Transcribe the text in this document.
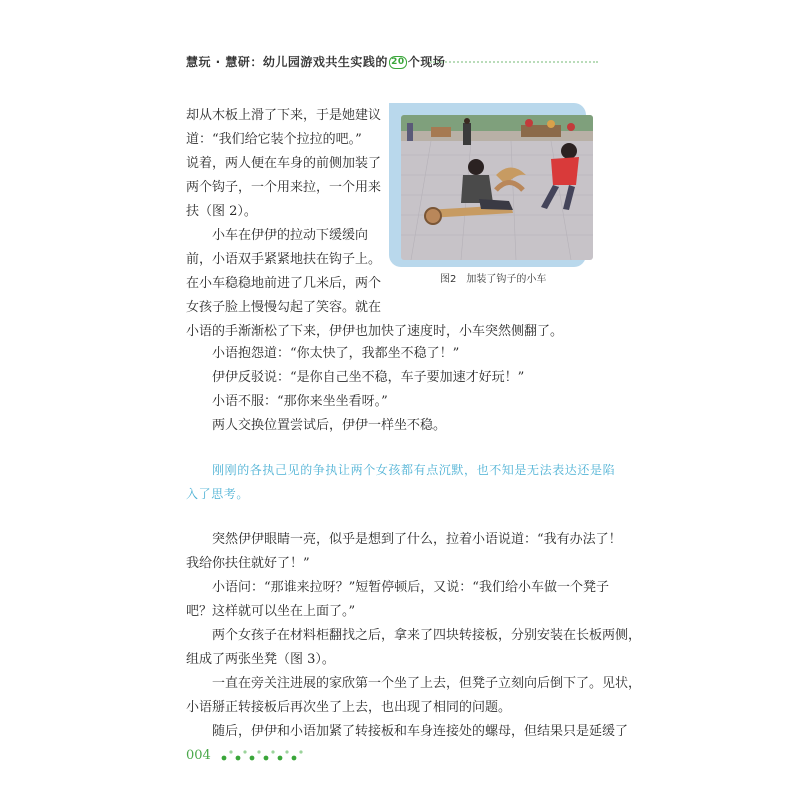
慧玩 · 慧研：幼儿园游戏共生实践的 20 个现场
图2　加装了钩子的小车
却从木板上滑了下来，于是她建议
道：“我们给它装个拉拉的吧。”
说着，两人便在车身的前侧加装了
两个钩子，一个用来拉，一个用来
扶（图 2）。
小车在伊伊的拉动下缓缓向
前，小语双手紧紧地扶在钩子上。
在小车稳稳地前进了几米后，两个
女孩子脸上慢慢勾起了笑容。就在
小语的手渐渐松了下来，伊伊也加快了速度时，小车突然侧翻了。
小语抱怨道：“你太快了，我都坐不稳了！”
伊伊反驳说：“是你自己坐不稳，车子要加速才好玩！”
小语不服：“那你来坐坐看呀。”
两人交换位置尝试后，伊伊一样坐不稳。
刚刚的各执己见的争执让两个女孩都有点沉默，也不知是无法表达还是陷
入了思考。
突然伊伊眼睛一亮，似乎是想到了什么，拉着小语说道：“我有办法了！
我给你扶住就好了！”
小语问：“那谁来拉呀？”短暂停顿后，又说：“我们给小车做一个凳子
吧？这样就可以坐在上面了。”
两个女孩子在材料柜翻找之后，拿来了四块转接板，分别安装在长板两侧，
组成了两张坐凳（图 3）。
一直在旁关注进展的家欣第一个坐了上去，但凳子立刻向后倒下了。见状，
小语掰正转接板后再次坐了上去，也出现了相同的问题。
随后，伊伊和小语加紧了转接板和车身连接处的螺母，但结果只是延缓了
004
